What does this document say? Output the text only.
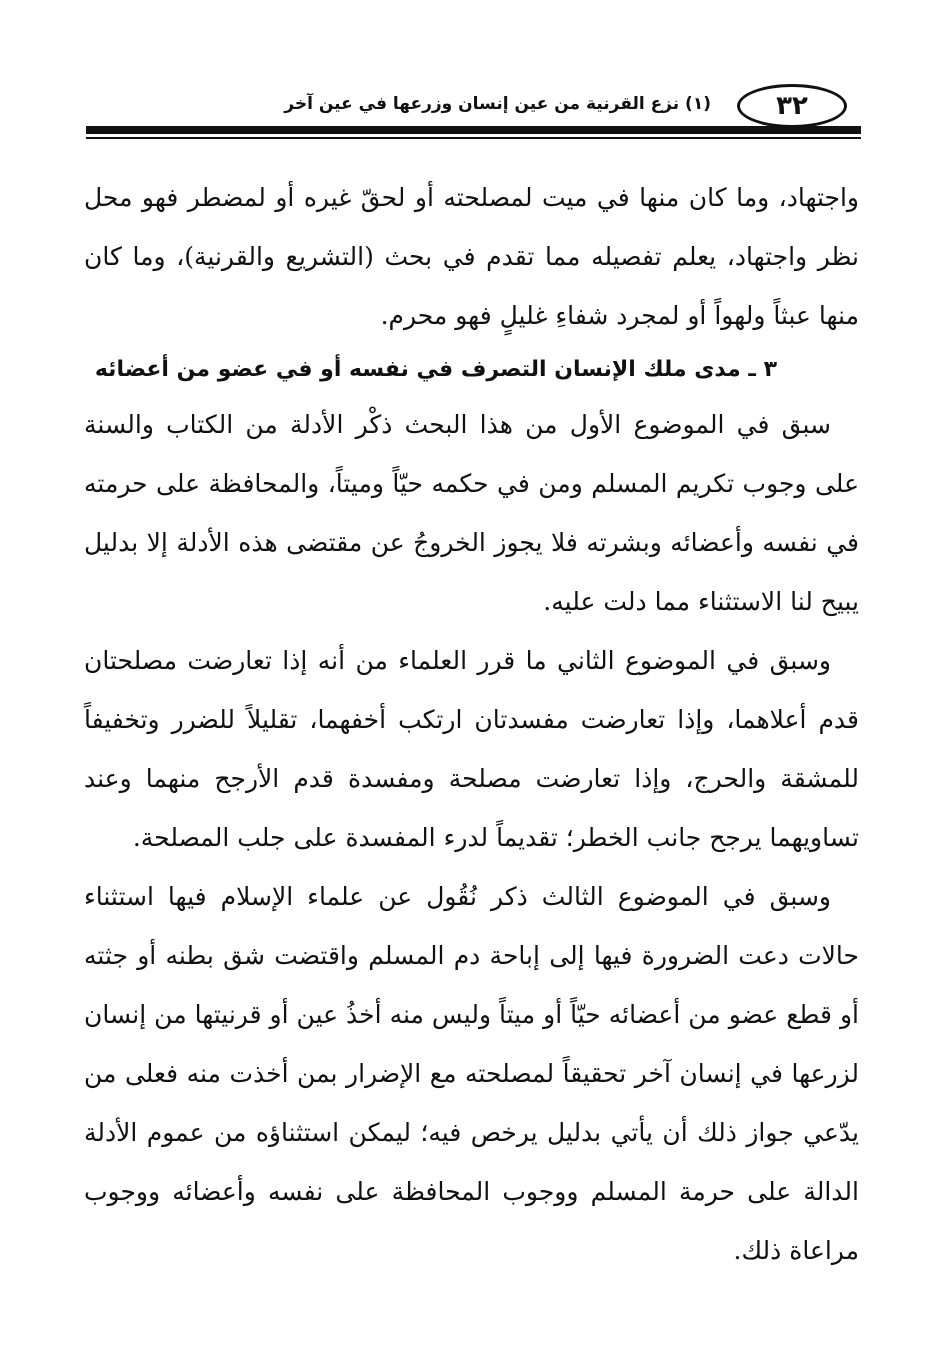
٣٢
(١) نزع القرنية من عين إنسان وزرعها في عين آخر

واجتهاد، وما كان منها في ميت لمصلحته أو لحقّ غيره أو لمضطر فهو محل نظر واجتهاد، يعلم تفصيله مما تقدم في بحث (التشريع والقرنية)، وما كان منها عبثاً ولهواً أو لمجرد شفاءِ غليلٍ فهو محرم.

٣ ـ مدى ملك الإنسان التصرف في نفسه أو في عضو من أعضائه

سبق في الموضوع الأول من هذا البحث ذكْر الأدلة من الكتاب والسنة على وجوب تكريم المسلم ومن في حكمه حيّاً وميتاً، والمحافظة على حرمته في نفسه وأعضائه وبشرته فلا يجوز الخروجُ عن مقتضى هذه الأدلة إلا بدليل يبيح لنا الاستثناء مما دلت عليه.

وسبق في الموضوع الثاني ما قرر العلماء من أنه إذا تعارضت مصلحتان قدم أعلاهما، وإذا تعارضت مفسدتان ارتكب أخفهما، تقليلاً للضرر وتخفيفاً للمشقة والحرج، وإذا تعارضت مصلحة ومفسدة قدم الأرجح منهما وعند تساويهما يرجح جانب الخطر؛ تقديماً لدرء المفسدة على جلب المصلحة.

وسبق في الموضوع الثالث ذكر نُقُول عن علماء الإسلام فيها استثناء حالات دعت الضرورة فيها إلى إباحة دم المسلم واقتضت شق بطنه أو جثته أو قطع عضو من أعضائه حيّاً أو ميتاً وليس منه أخذُ عين أو قرنيتها من إنسان لزرعها في إنسان آخر تحقيقاً لمصلحته مع الإضرار بمن أخذت منه فعلى من يدّعي جواز ذلك أن يأتي بدليل يرخص فيه؛ ليمكن استثناؤه من عموم الأدلة الدالة على حرمة المسلم ووجوب المحافظة على نفسه وأعضائه ووجوب مراعاة ذلك.
